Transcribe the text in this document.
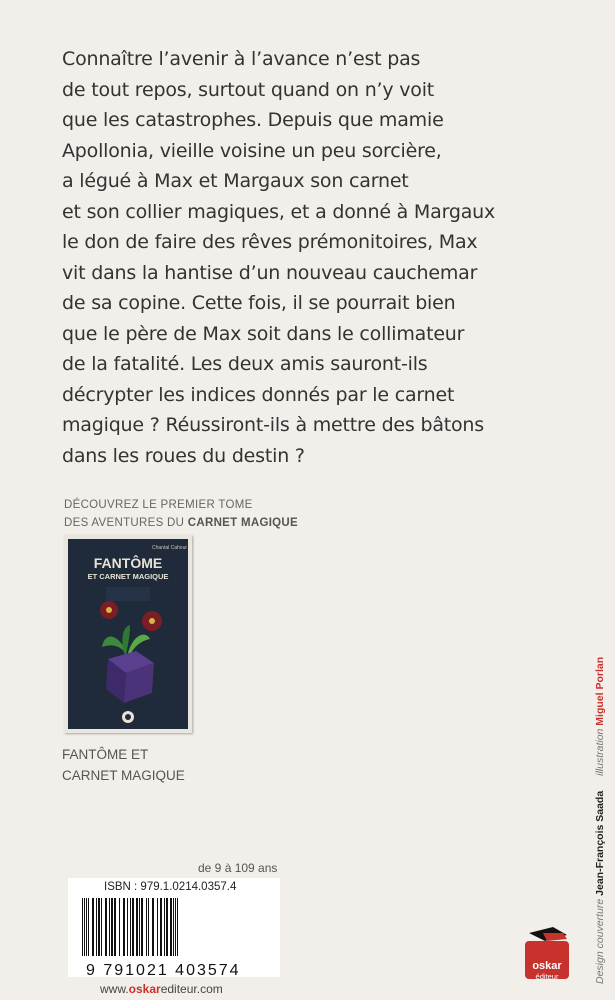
Connaître l’avenir à l’avance n’est pas
de tout repos, surtout quand on n’y voit
que les catastrophes. Depuis que mamie
Apollonia, vieille voisine un peu sorcière,
a légué à Max et Margaux son carnet
et son collier magiques, et a donné à Margaux
le don de faire des rêves prémonitoires, Max
vit dans la hantise d’un nouveau cauchemar
de sa copine. Cette fois, il se pourrait bien
que le père de Max soit dans le collimateur
de la fatalité. Les deux amis sauront-ils
décrypter les indices donnés par le carnet
magique ? Réussiront-ils à mettre des bâtons
dans les roues du destin ?
DÉCOUVREZ LE PREMIER TOME
DES AVENTURES DU CARNET MAGIQUE
Chantal Cahour
FANTÔME
ET CARNET MAGIQUE
FANTÔME ET
CARNET MAGIQUE
de 9 à 109 ans
ISBN : 979.1.0214.0357.4
9 791021 403574
www.oskarediteur.com
Design couverture Jean-François Saada illustration Miguel Porlan
oskar
éditeur
